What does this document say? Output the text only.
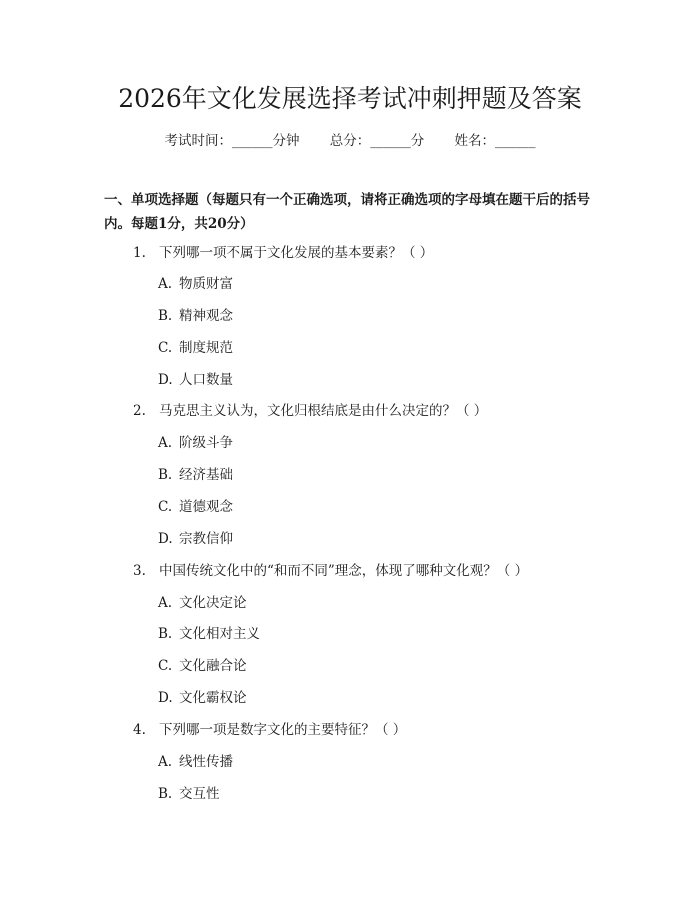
2026年文化发展选择考试冲刺押题及答案
考试时间：______分钟 总分：______分 姓名：______
一、单项选择题（每题只有一个正确选项，请将正确选项的字母填在题干后的括号内。每题1分，共20分）
1. 下列哪一项不属于文化发展的基本要素？（ ）
A. 物质财富
B. 精神观念
C. 制度规范
D. 人口数量
2. 马克思主义认为，文化归根结底是由什么决定的？（ ）
A. 阶级斗争
B. 经济基础
C. 道德观念
D. 宗教信仰
3. 中国传统文化中的“和而不同”理念，体现了哪种文化观？（ ）
A. 文化决定论
B. 文化相对主义
C. 文化融合论
D. 文化霸权论
4. 下列哪一项是数字文化的主要特征？（ ）
A. 线性传播
B. 交互性
